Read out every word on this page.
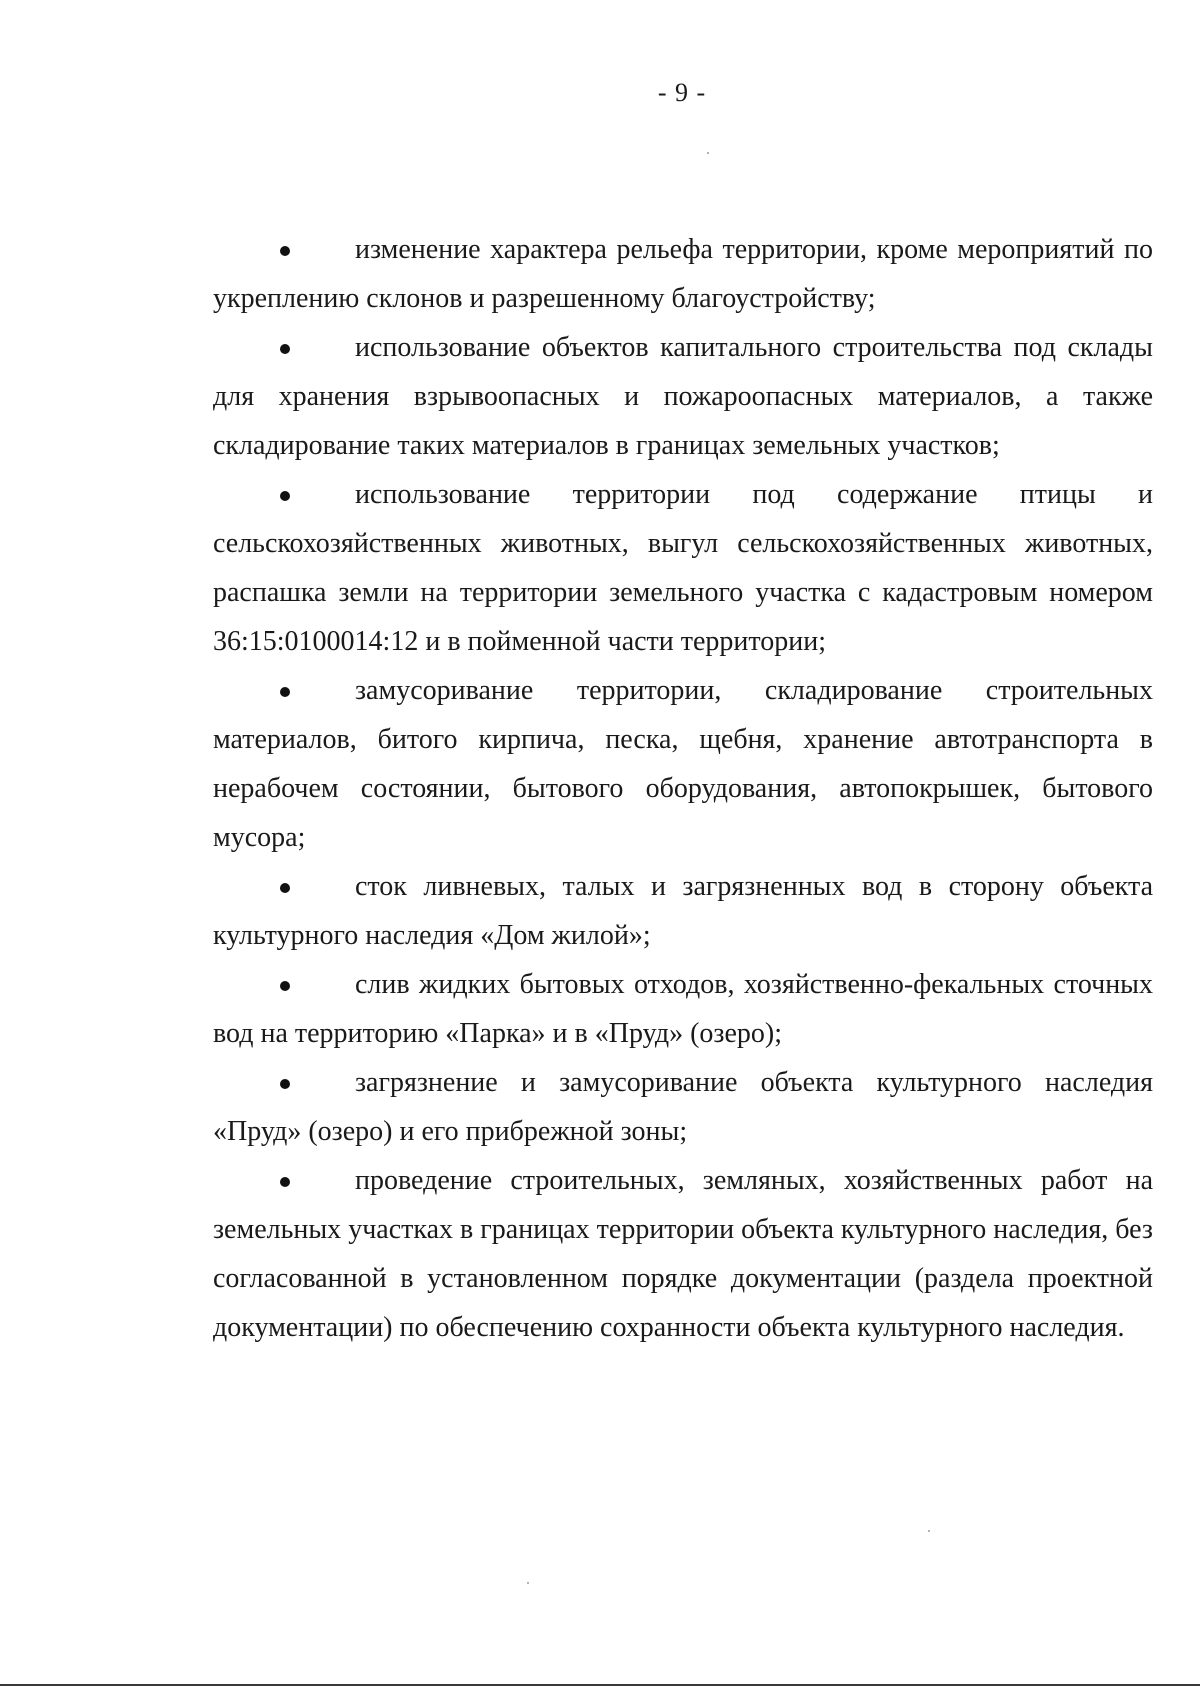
- 9 -
изменение характера рельефа территории, кроме мероприятий по укреплению склонов и разрешенному благоустройству;
использование объектов капитального строительства под склады для хранения взрывоопасных и пожароопасных материалов, а также складирование таких материалов в границах земельных участков;
использование территории под содержание птицы и сельскохозяйственных животных, выгул сельскохозяйственных животных, распашка земли на территории земельного участка с кадастровым номером 36:15:0100014:12 и в пойменной части территории;
замусоривание территории, складирование строительных материалов, битого кирпича, песка, щебня, хранение автотранспорта в нерабочем состоянии, бытового оборудования, автопокрышек, бытового мусора;
сток ливневых, талых и загрязненных вод в сторону объекта культурного наследия «Дом жилой»;
слив жидких бытовых отходов, хозяйственно-фекальных сточных вод на территорию «Парка» и в «Пруд» (озеро);
загрязнение и замусоривание объекта культурного наследия «Пруд» (озеро) и его прибрежной зоны;
проведение строительных, земляных, хозяйственных работ на земельных участках в границах территории объекта культурного наследия, без согласованной в установленном порядке документации (раздела проектной документации) по обеспечению сохранности объекта культурного наследия.
